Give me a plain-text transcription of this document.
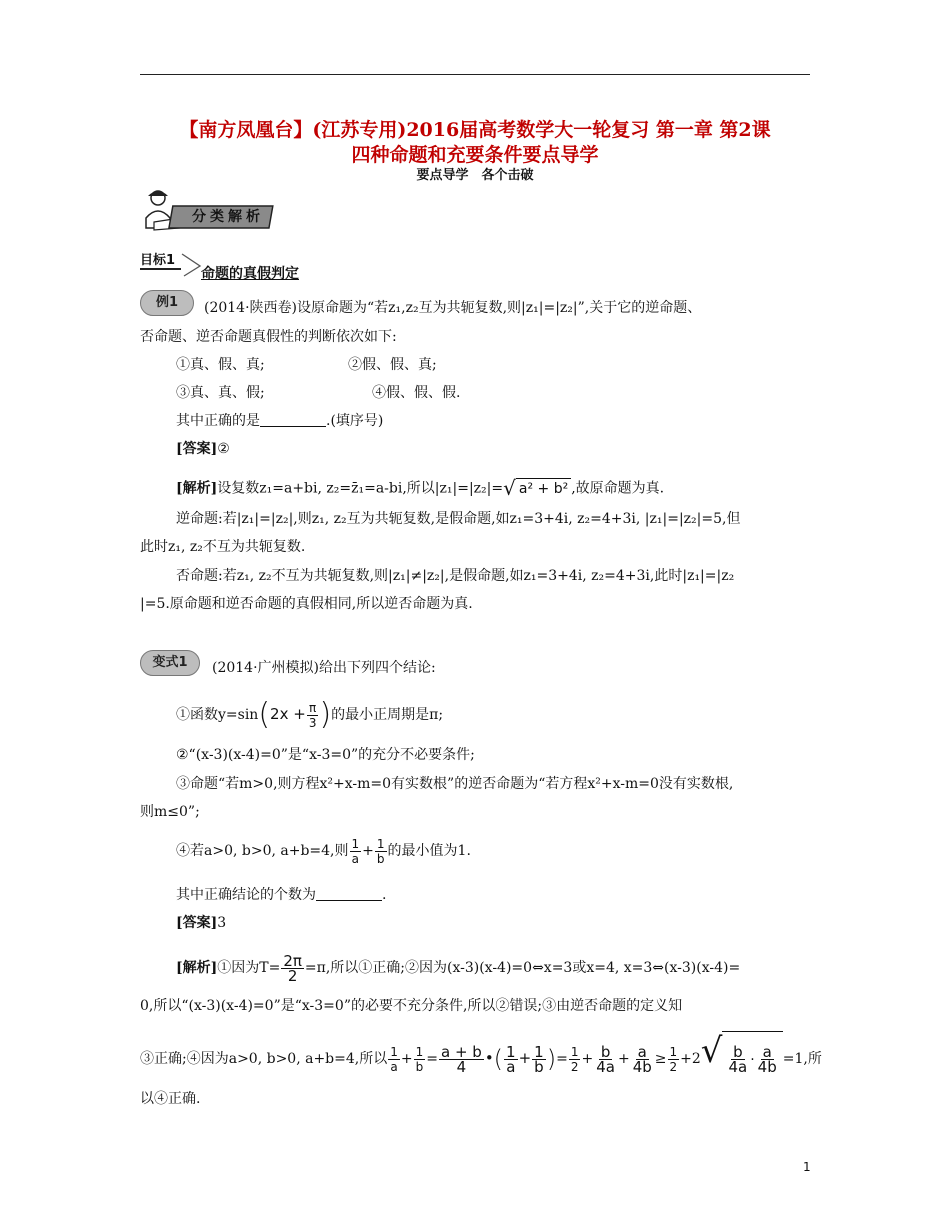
【南方凤凰台】(江苏专用)2016届高考数学大一轮复习 第一章 第2课
四种命题和充要条件要点导学
要点导学　各个击破
分类解析
目标1
命题的真假判定
例1	(2014·陕西卷)设原命题为“若z₁,z₂互为共轭复数,则|z₁|=|z₂|”,关于它的逆命题、
否命题、逆否命题真假性的判断依次如下:
①真、假、真;	②假、假、真;
③真、真、假;	④假、假、假.
其中正确的是	.(填序号)
[答案]②
[解析]设复数z₁=a+bi, z₂=z̄₁=a-bi,所以|z₁|=|z₂|= √ a² + b² ,故原命题为真.
逆命题:若|z₁|=|z₂|,则z₁, z₂互为共轭复数,是假命题,如z₁=3+4i, z₂=4+3i, |z₁|=|z₂|=5,但
此时z₁, z₂不互为共轭复数.
否命题:若z₁, z₂不互为共轭复数,则|z₁|≠|z₂|,是假命题,如z₁=3+4i, z₂=4+3i,此时|z₁|=|z₂
|=5.原命题和逆否命题的真假相同,所以逆否命题为真.
变式1	(2014·广州模拟)给出下列四个结论:
①函数$y=\sin(2x + \frac{\pi}{3}$ )的最小正周期是π;
②“(x-3)(x-4)=0”是“x-3=0”的充分不必要条件;
③命题“若m>0,则方程x²+x-m=0有实数根”的逆否命题为“若方程x²+x-m=0没有实数根,
则m≤0”;
④若a>0, b>0, a+b=4,则 $\frac{1}{a} + \frac{1}{b}$ 的最小值为1.
其中正确结论的个数为	.
[答案]3
[解析]①因为$T= \frac{2\pi}{2} =\pi$,所以①正确;②因为(x-3)(x-4)=0⇔x=3或x=4, x=3⇔(x-3)(x-4)=
0,所以“(x-3)(x-4)=0”是“x-3=0”的必要不充分条件,所以②错误;③由逆否命题的定义知
③正确;④因为a>0, b>0, a+b=4,所以 $\frac{1}{a} + \frac{1}{b} = \frac{a + b}{4}$ •( $\frac{1}{a} + \frac{1}{b}$ )= $\frac{1}{2} + \frac{b}{4a} + \frac{a}{4b} \ge \frac{1}{2} +2$ √ $\frac{b}{4a} \cdot \frac{a}{4b} =1$,所
以④正确.
1
